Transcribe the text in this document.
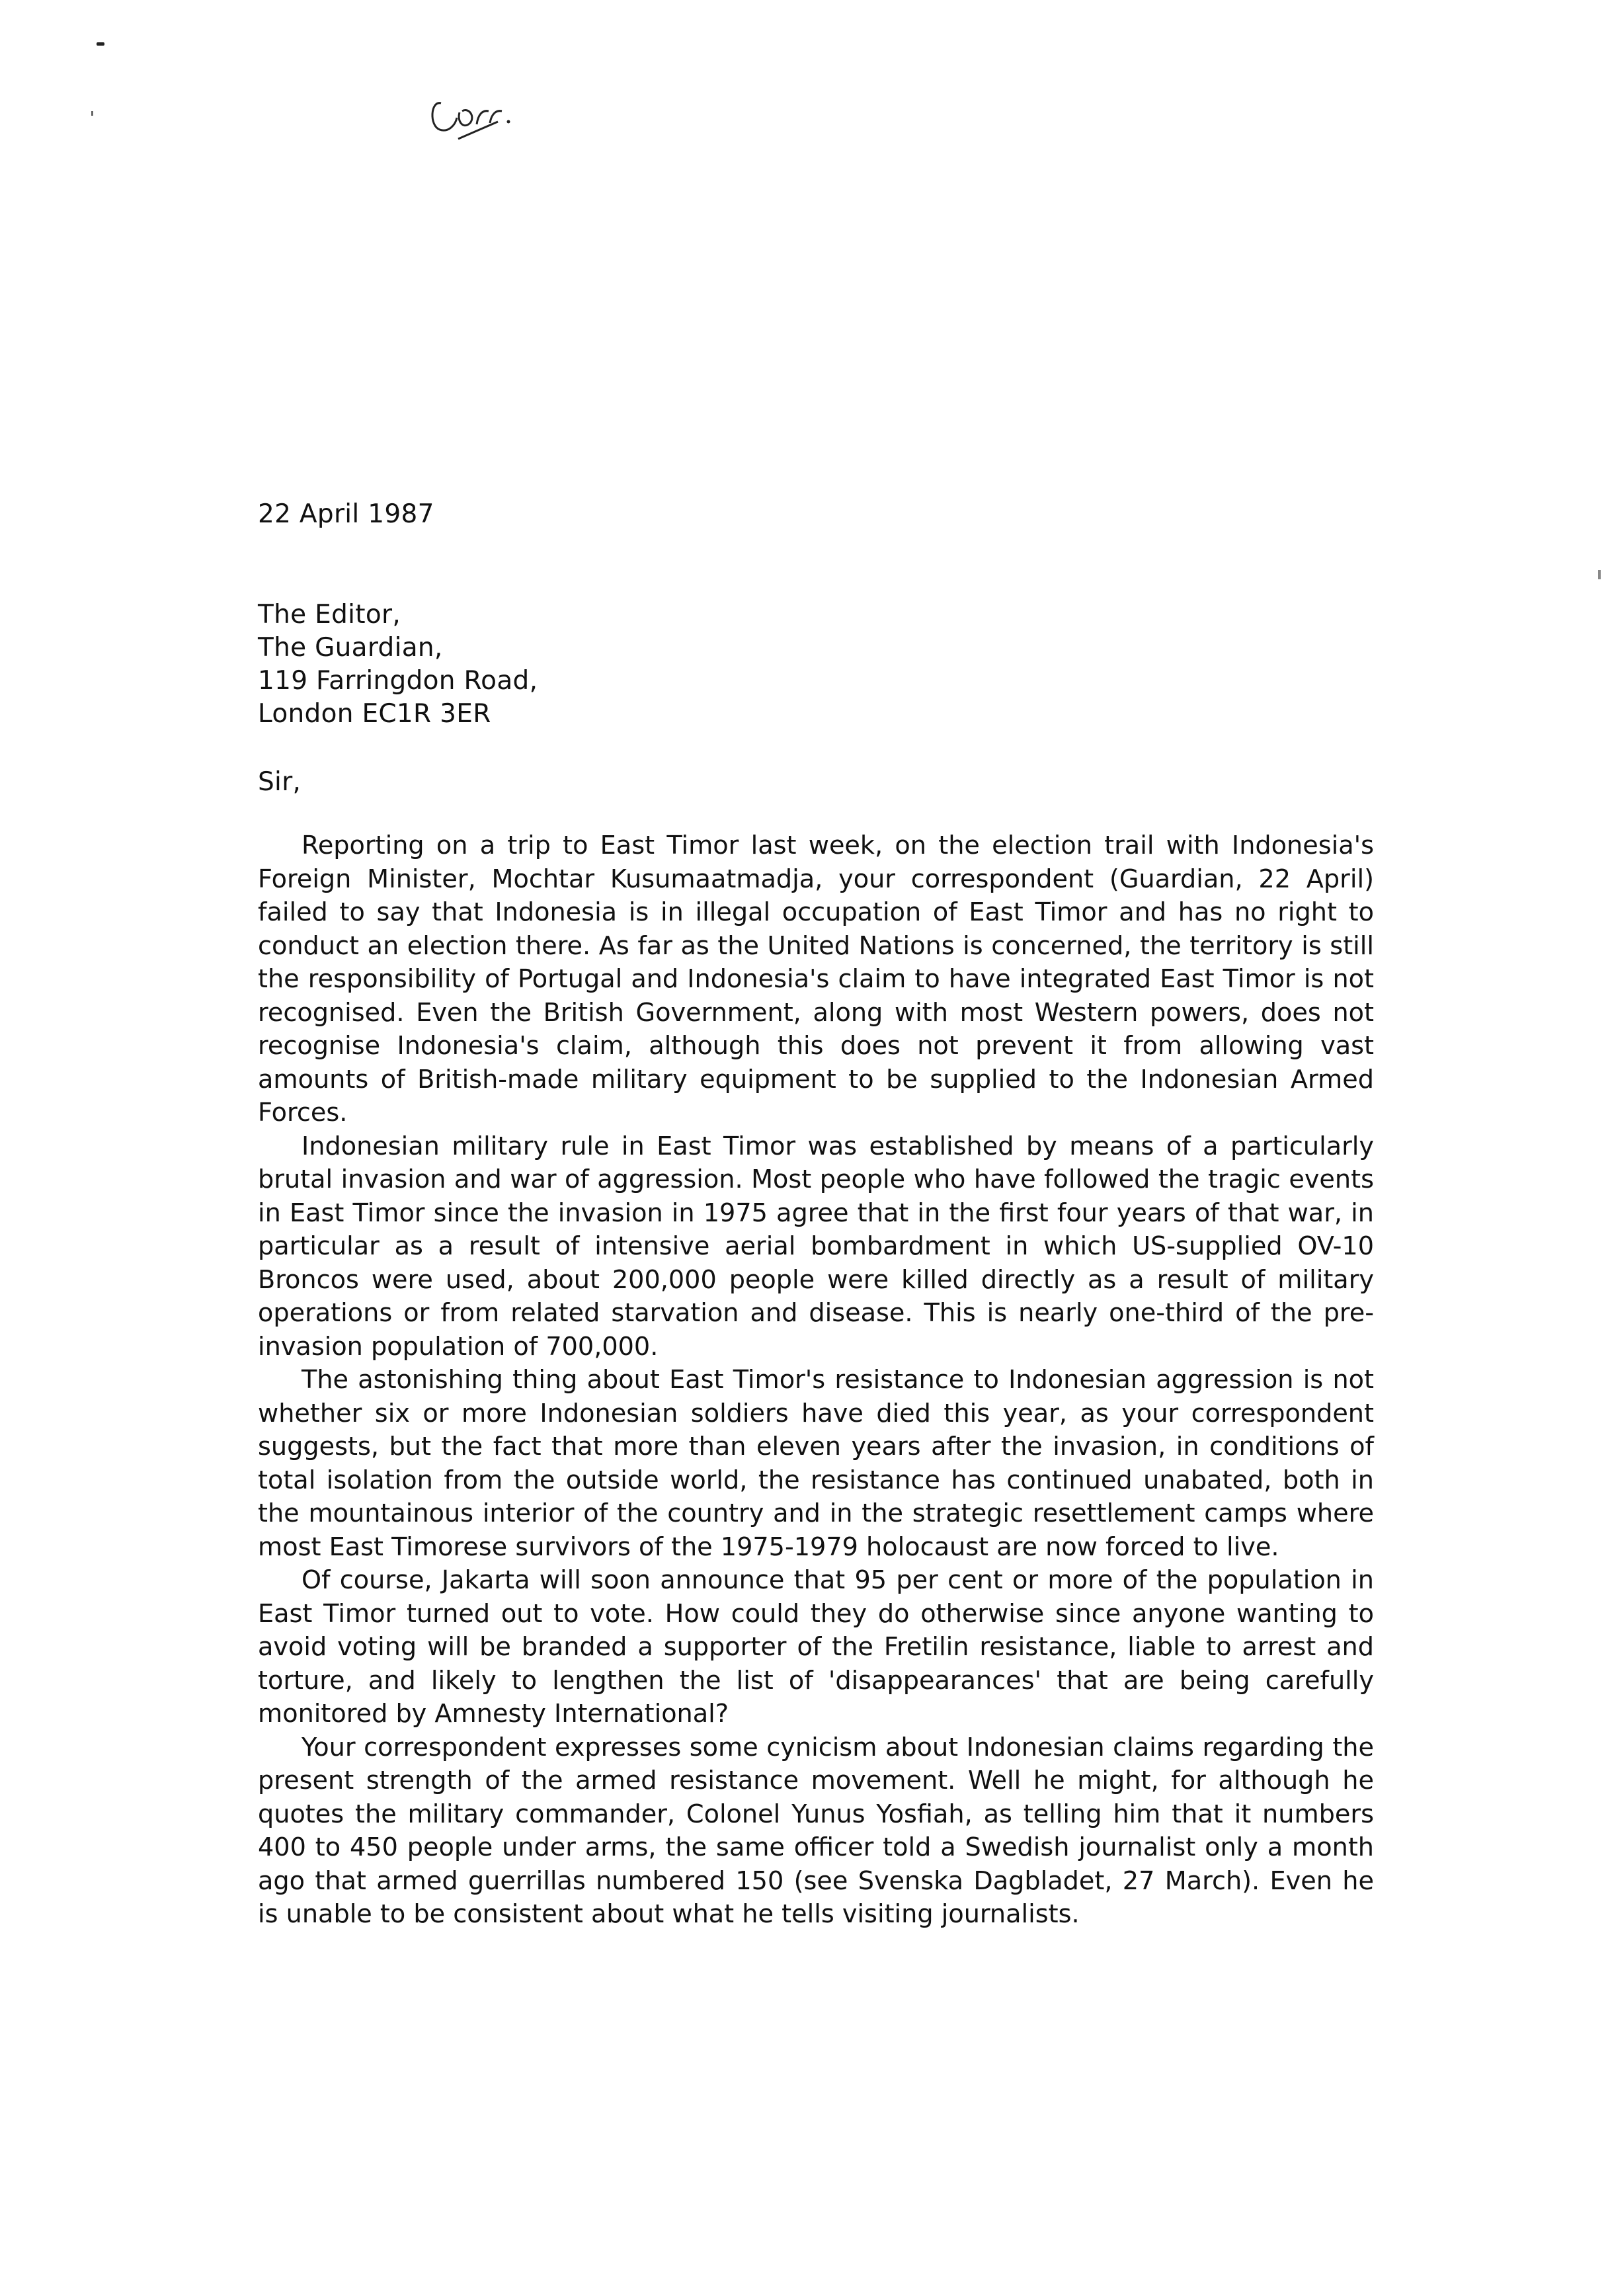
22 April 1987
The Editor,
The Guardian,
119 Farringdon Road,
London EC1R 3ER
Sir,

Reporting on a trip to East Timor last week, on the election trail with Indonesia's Foreign Minister, Mochtar Kusumaatmadja, your correspondent (Guardian, 22 April) failed to say that Indonesia is in illegal occupation of East Timor and has no right to conduct an election there. As far as the United Nations is concerned, the territory is still the responsibility of Portugal and Indonesia's claim to have integrated East Timor is not recognised. Even the British Government, along with most Western powers, does not recognise Indonesia's claim, although this does not prevent it from allowing vast amounts of British-made military equipment to be supplied to the Indonesian Armed Forces.

Indonesian military rule in East Timor was established by means of a particularly brutal invasion and war of aggression. Most people who have followed the tragic events in East Timor since the invasion in 1975 agree that in the first four years of that war, in particular as a result of intensive aerial bombardment in which US-supplied OV-10 Broncos were used, about 200,000 people were killed directly as a result of military operations or from related starvation and disease. This is nearly one-third of the pre-invasion population of 700,000.

The astonishing thing about East Timor's resistance to Indonesian aggression is not whether six or more Indonesian soldiers have died this year, as your correspondent suggests, but the fact that more than eleven years after the invasion, in conditions of total isolation from the outside world, the resistance has continued unabated, both in the mountainous interior of the country and in the strategic resettlement camps where most East Timorese survivors of the 1975-1979 holocaust are now forced to live.

Of course, Jakarta will soon announce that 95 per cent or more of the population in East Timor turned out to vote. How could they do otherwise since anyone wanting to avoid voting will be branded a supporter of the Fretilin resistance, liable to arrest and torture, and likely to lengthen the list of 'disappearances' that are being carefully monitored by Amnesty International?

Your correspondent expresses some cynicism about Indonesian claims regarding the present strength of the armed resistance movement. Well he might, for although he quotes the military commander, Colonel Yunus Yosfiah, as telling him that it numbers 400 to 450 people under arms, the same officer told a Swedish journalist only a month ago that armed guerrillas numbered 150 (see Svenska Dagbladet, 27 March). Even he is unable to be consistent about what he tells visiting journalists.
